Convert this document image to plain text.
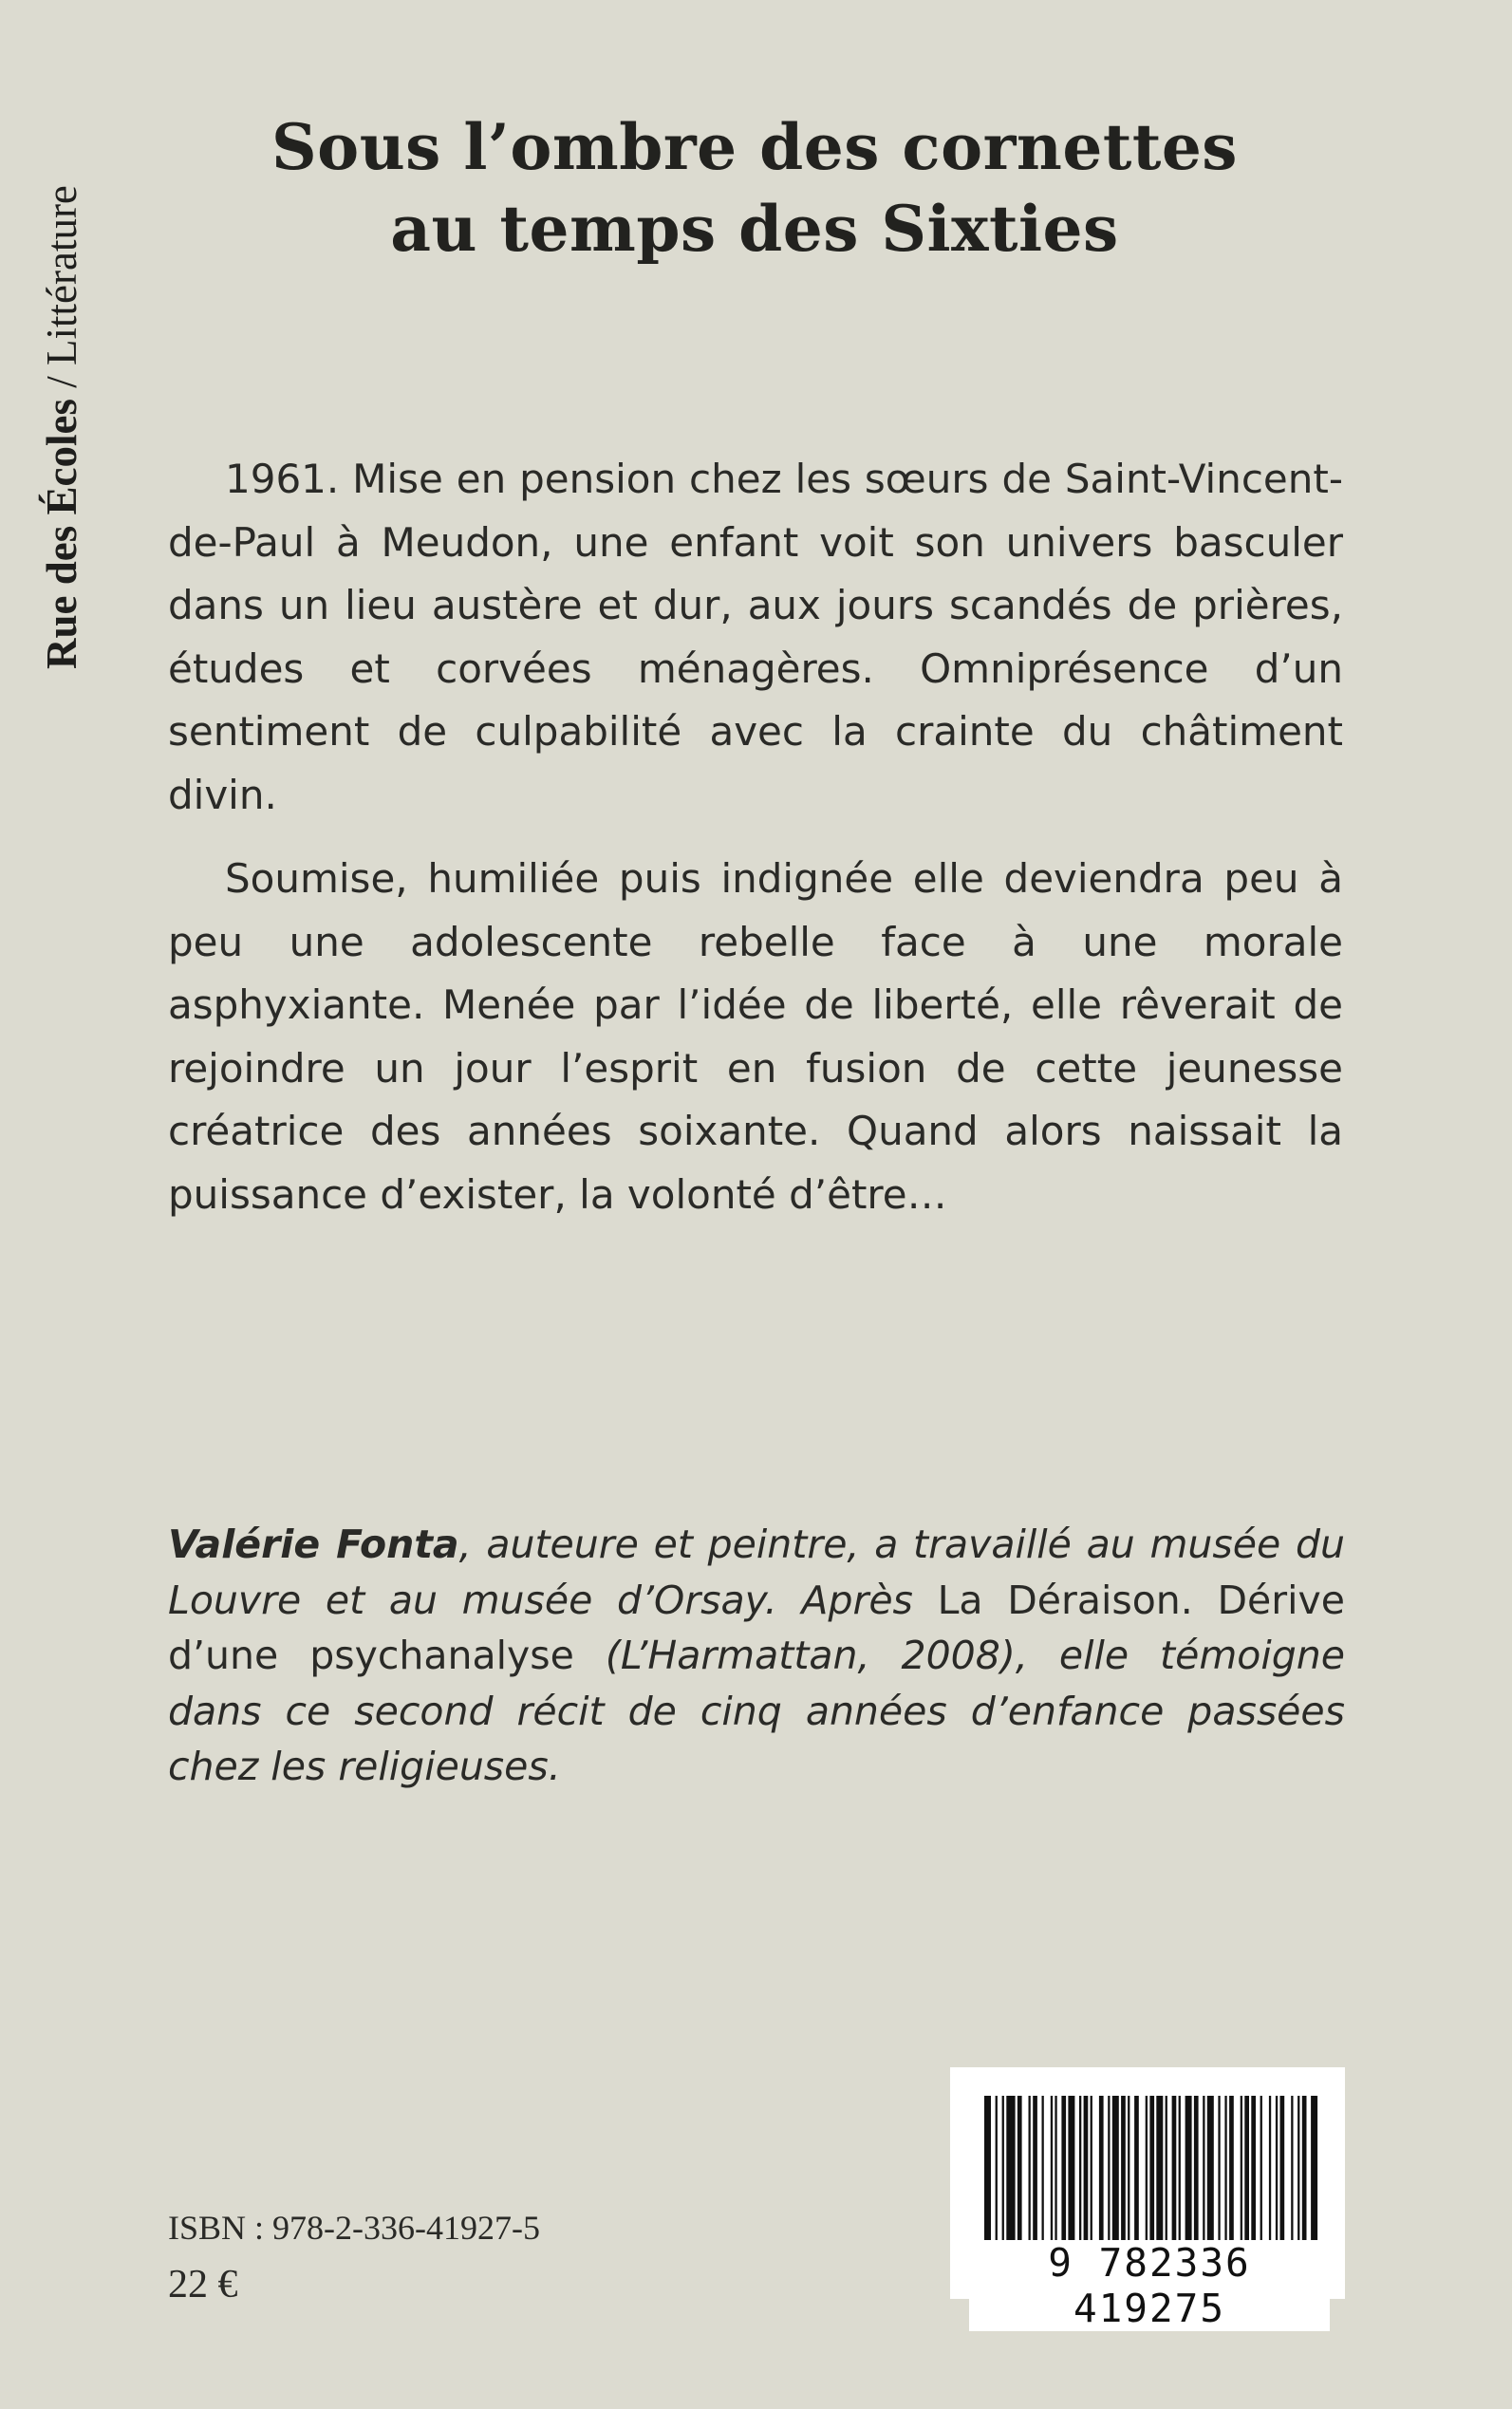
Rue des Écoles / Littérature
Sous l’ombre des cornettes
au temps des Sixties

1961. Mise en pension chez les sœurs de Saint-Vincent-de-Paul à Meudon, une enfant voit son univers basculer dans un lieu austère et dur, aux jours scandés de prières, études et corvées ménagères. Omniprésence d’un sentiment de culpabilité avec la crainte du châtiment divin.

Soumise, humiliée puis indignée elle deviendra peu à peu une adolescente rebelle face à une morale asphyxiante. Menée par l’idée de liberté, elle rêverait de rejoindre un jour l’esprit en fusion de cette jeunesse créatrice des années soixante. Quand alors naissait la puissance d’exister, la volonté d’être…

Valérie Fonta, auteure et peintre, a travaillé au musée du Louvre et au musée d’Orsay. Après La Déraison. Dérive d’une psychanalyse (L’Harmattan, 2008), elle témoigne dans ce second récit de cinq années d’enfance passées chez les religieuses.

ISBN : 978-2-336-41927-5

22 €	9 782336 419275
